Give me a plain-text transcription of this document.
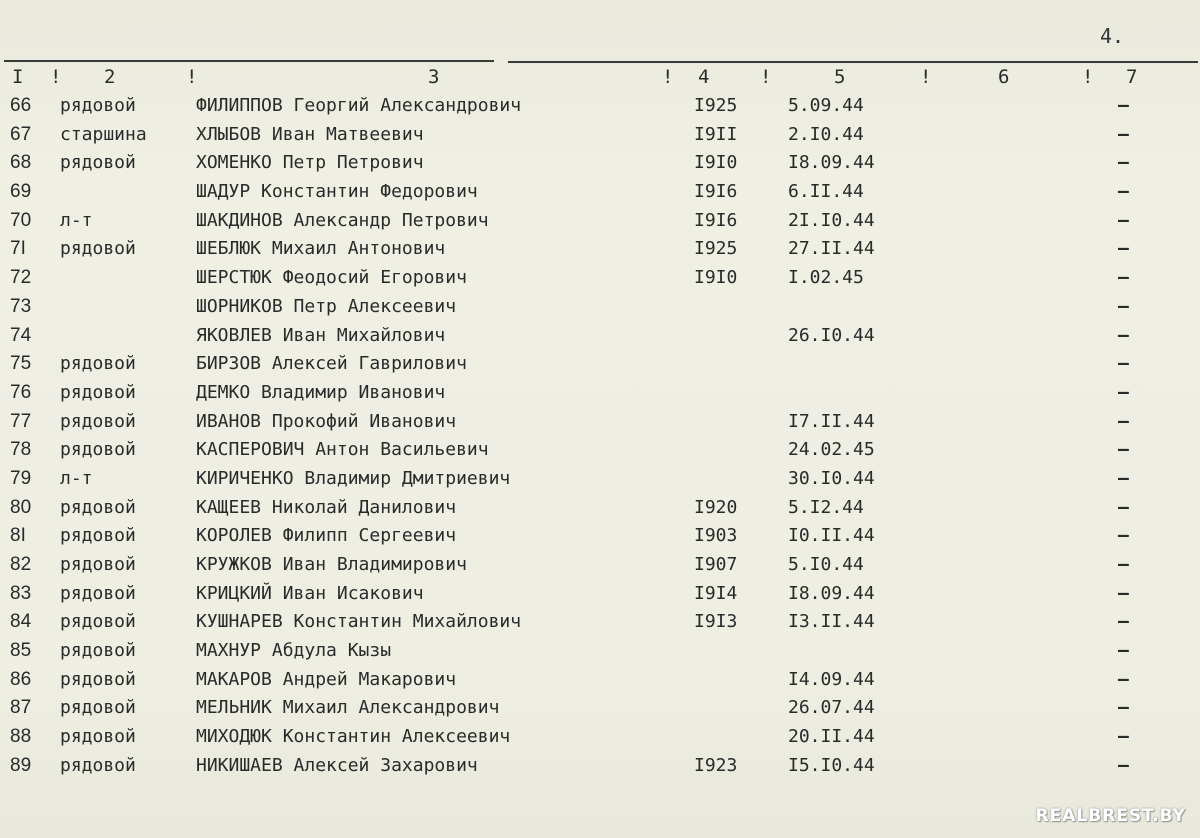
4.
I ! 2	!	3	! 4	!	5	!	6	! 7
66 рядовой	ФИЛИППОВ Георгий Александрович	I925	5.09.44	–
67 старшина	ХЛЫБОВ Иван Матвеевич	I9II	2.I0.44	–
68 рядовой	ХОМЕНКО Петр Петрович	I9I0	I8.09.44	–
69	ШАДУР Константин Федорович	I9I6	6.II.44	–
70 л-т	ШАКДИНОВ Александр Петрович	I9I6	2I.I0.44	–
7I рядовой	ШЕБЛЮК Михаил Антонович	I925	27.II.44	–
72	ШЕРСТЮК Феодосий Егорович	I9I0	I.02.45	–
73	ШОРНИКОВ Петр Алексеевич	–
74	ЯКОВЛЕВ Иван Михайлович	26.I0.44	–
75 рядовой	БИРЗОВ Алексей Гаврилович	–
76 рядовой	ДЕМКО Владимир Иванович	–
77 рядовой	ИВАНОВ Прокофий Иванович	I7.II.44	–
78 рядовой	КАСПЕРОВИЧ Антон Васильевич	24.02.45	–
79 л-т	КИРИЧЕНКО Владимир Дмитриевич	30.I0.44	–
80 рядовой	КАЩЕЕВ Николай Данилович	I920	5.I2.44	–
8I рядовой	КОРОЛЕВ Филипп Сергеевич	I903	I0.II.44	–
82 рядовой	КРУЖКОВ Иван Владимирович	I907	5.I0.44	–
83 рядовой	КРИЦКИЙ Иван Исакович	I9I4	I8.09.44	–
84 рядовой	КУШНАРЕВ Константин Михайлович	I9I3	I3.II.44	–
85 рядовой	МАХНУР Абдула Кызы	–
86 рядовой	МАКАРОВ Андрей Макарович	I4.09.44	–
87 рядовой	МЕЛЬНИК Михаил Александрович	26.07.44	–
88 рядовой	МИХОДЮК Константин Алексеевич	20.II.44	–
89 рядовой	НИКИШАЕВ Алексей Захарович	I923	I5.I0.44	–
REALBREST.BY
